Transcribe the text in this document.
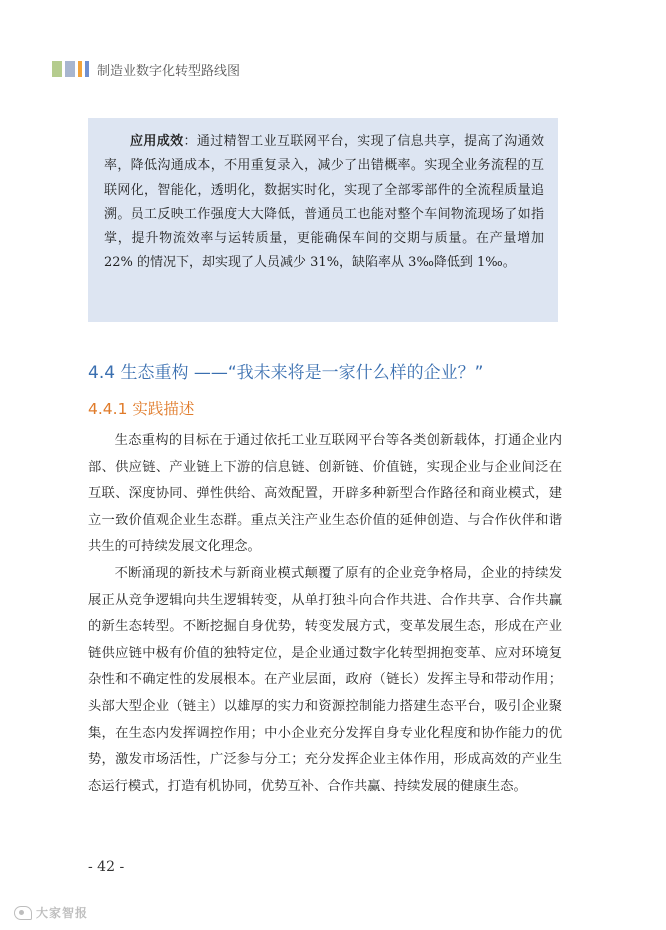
制造业数字化转型路线图

应用成效：通过精智工业互联网平台，实现了信息共享，提高了沟通效率，降低沟通成本，不用重复录入，减少了出错概率。实现全业务流程的互联网化，智能化，透明化，数据实时化，实现了全部零部件的全流程质量追溯。员工反映工作强度大大降低，普通员工也能对整个车间物流现场了如指掌，提升物流效率与运转质量，更能确保车间的交期与质量。在产量增加 22% 的情况下，却实现了人员减少 31%，缺陷率从 3‰降低到 1‰。

4.4 生态重构 ——“我未来将是一家什么样的企业？”
4.4.1 实践描述

生态重构的目标在于通过依托工业互联网平台等各类创新载体，打通企业内部、供应链、产业链上下游的信息链、创新链、价值链，实现企业与企业间泛在互联、深度协同、弹性供给、高效配置，开辟多种新型合作路径和商业模式，建立一致价值观企业生态群。重点关注产业生态价值的延伸创造、与合作伙伴和谐共生的可持续发展文化理念。

不断涌现的新技术与新商业模式颠覆了原有的企业竞争格局，企业的持续发展正从竞争逻辑向共生逻辑转变，从单打独斗向合作共进、合作共享、合作共赢的新生态转型。不断挖掘自身优势，转变发展方式，变革发展生态，形成在产业链供应链中极有价值的独特定位，是企业通过数字化转型拥抱变革、应对环境复杂性和不确定性的发展根本。在产业层面，政府（链长）发挥主导和带动作用；头部大型企业（链主）以雄厚的实力和资源控制能力搭建生态平台，吸引企业聚集，在生态内发挥调控作用；中小企业充分发挥自身专业化程度和协作能力的优势，激发市场活性，广泛参与分工；充分发挥企业主体作用，形成高效的产业生态运行模式，打造有机协同，优势互补、合作共赢、持续发展的健康生态。

- 42 -
大家智报
